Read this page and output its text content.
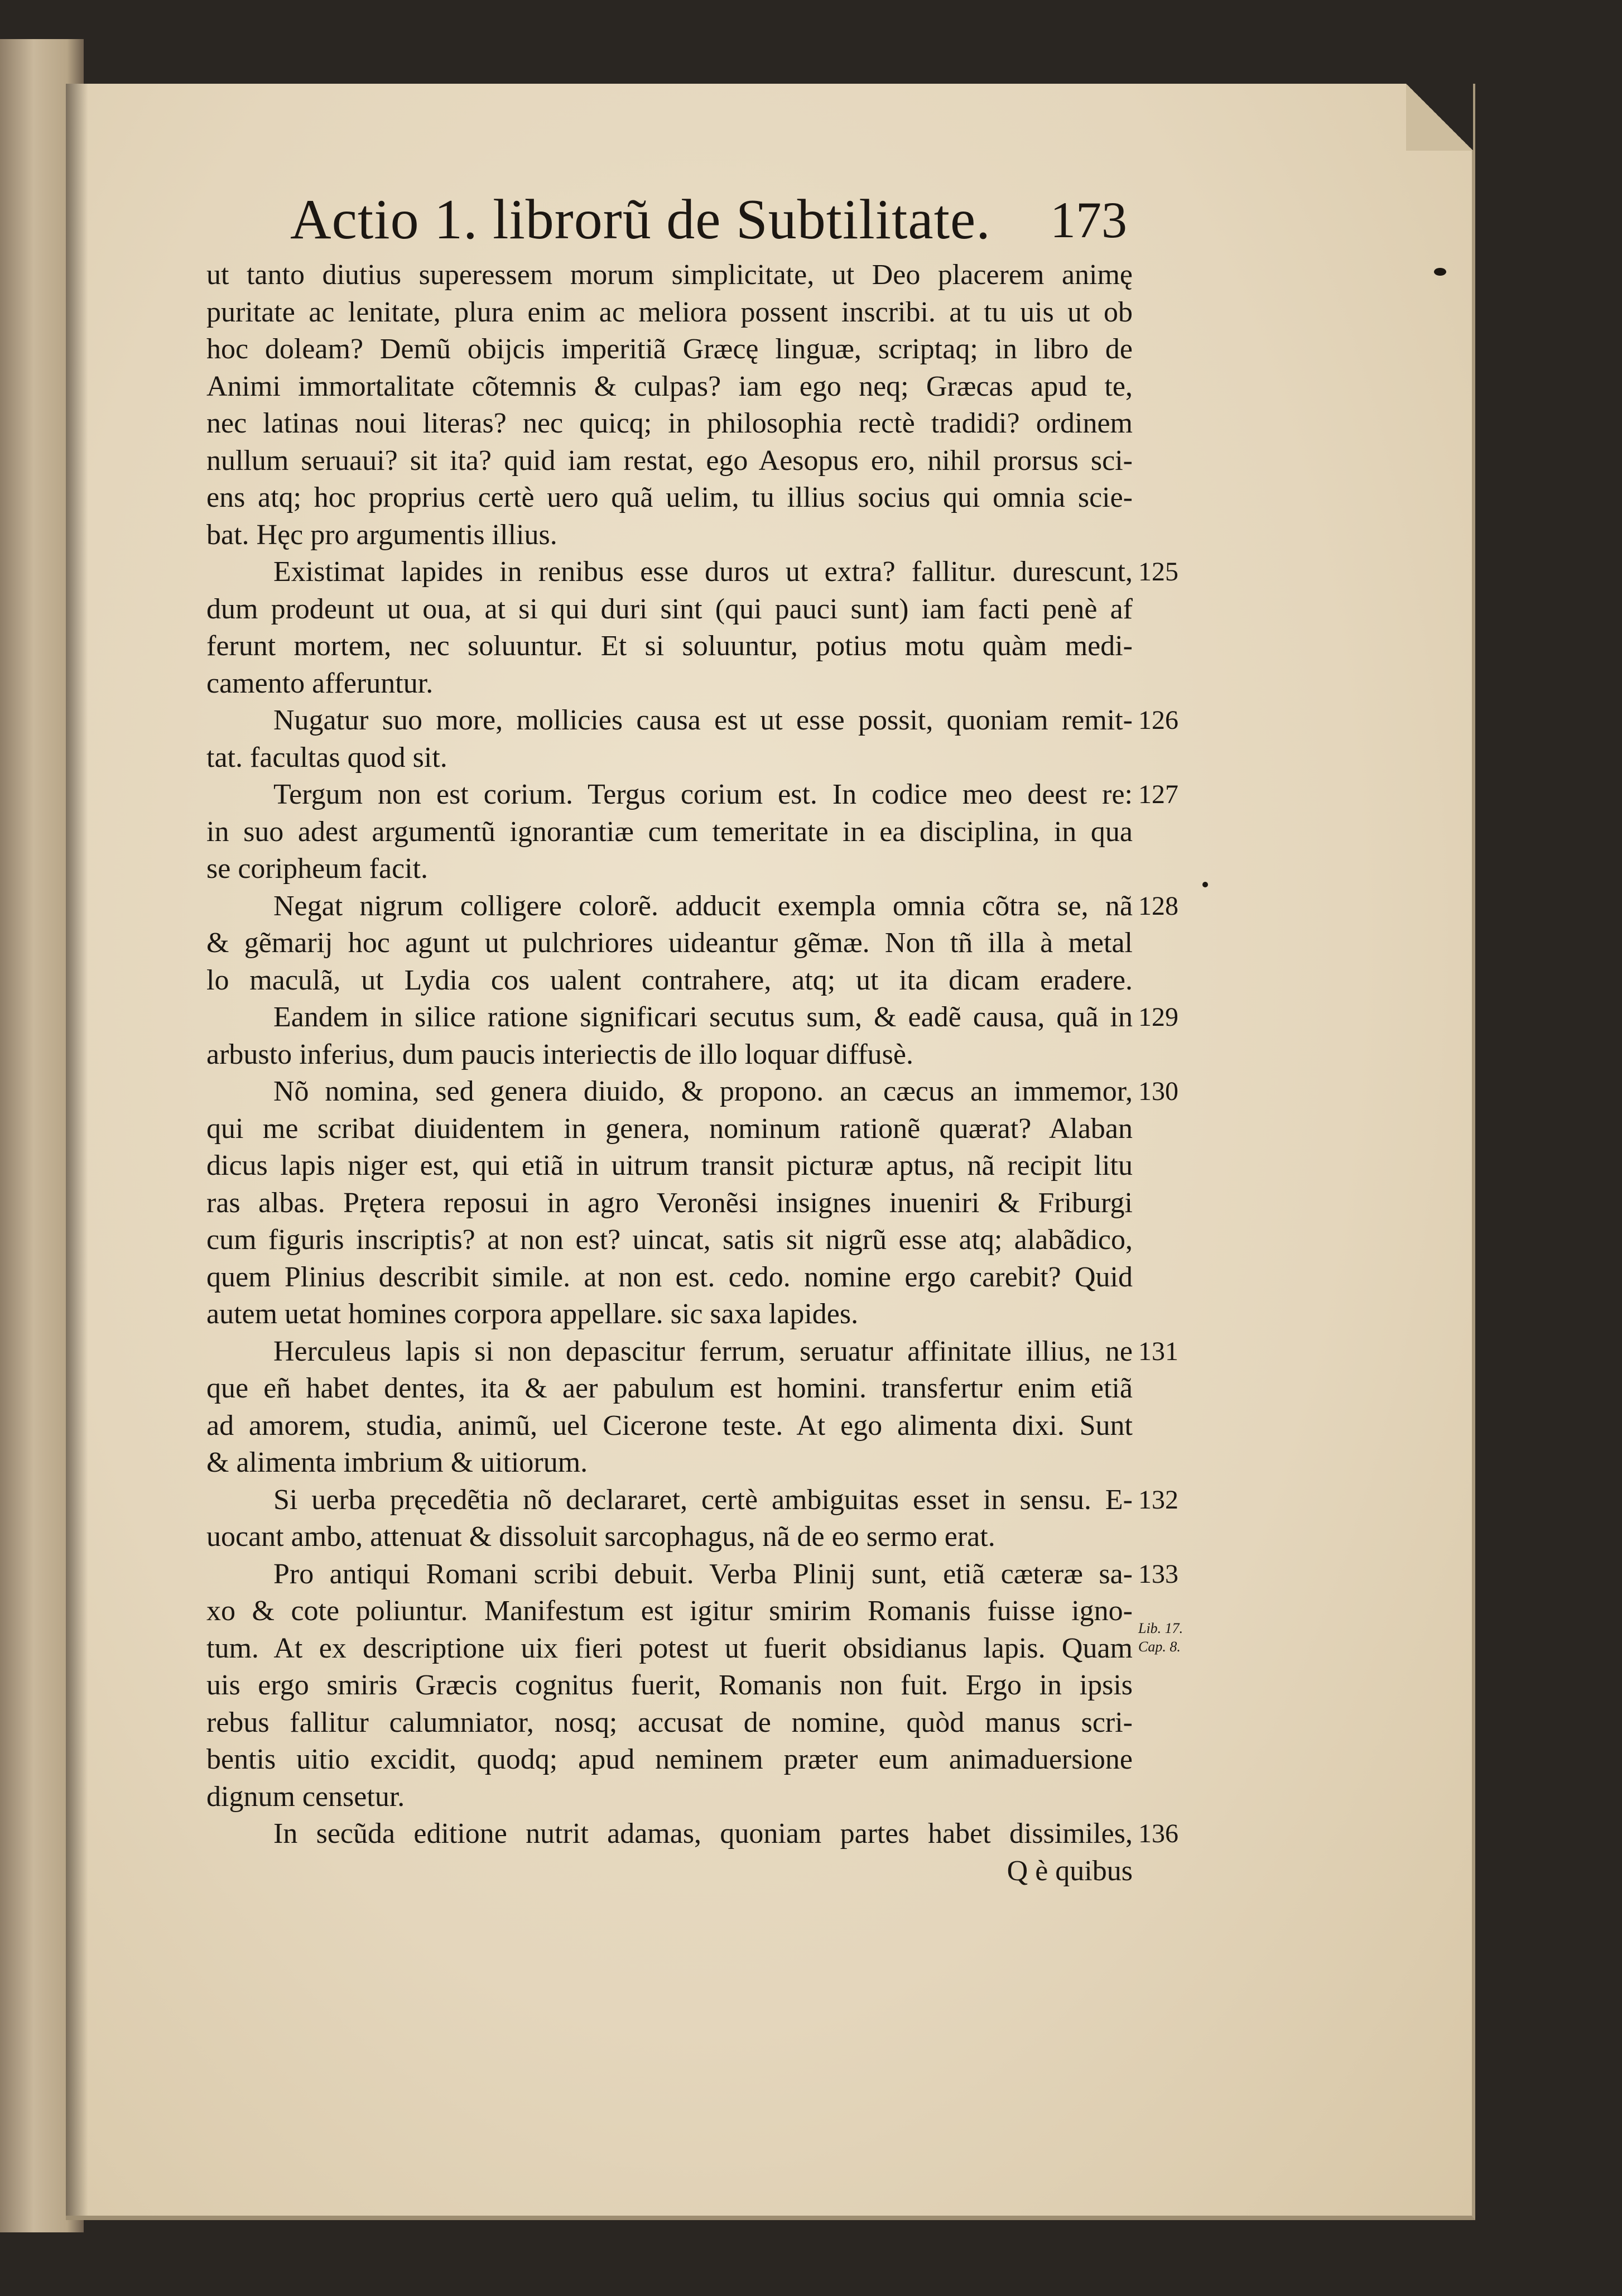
Actio 1. librorũ de Subtilitate. 173
ut tanto diutius superessem morum simplicitate, ut Deo placerem animę
puritate ac lenitate, plura enim ac meliora possent inscribi. at tu uis ut ob
hoc doleam? Demũ obijcis imperitiã Græcę linguæ, scriptaq; in libro de
Animi immortalitate cõtemnis & culpas? iam ego neq; Græcas apud te,
nec latinas noui literas? nec quicq; in philosophia rectè tradidi? ordinem
nullum seruaui? sit ita? quid iam restat, ego Aesopus ero, nihil prorsus sci-
ens atq; hoc proprius certè uero quã uelim, tu illius socius qui omnia scie-
bat. Hęc pro argumentis illius.
Existimat lapides in renibus esse duros ut extra? fallitur. durescunt,
dum prodeunt ut oua, at si qui duri sint (qui pauci sunt) iam facti penè af
ferunt mortem, nec soluuntur. Et si soluuntur, potius motu quàm medi-
camento afferuntur.
Nugatur suo more, mollicies causa est ut esse possit, quoniam remit-
tat. facultas quod sit.
Tergum non est corium. Tergus corium est. In codice meo deest re:
in suo adest argumentũ ignorantiæ cum temeritate in ea disciplina, in qua
se coripheum facit.
Negat nigrum colligere colorẽ. adducit exempla omnia cõtra se, nã
& gẽmarij hoc agunt ut pulchriores uideantur gẽmæ. Non tñ illa à metal
lo maculã, ut Lydia cos ualent contrahere, atq; ut ita dicam eradere.
Eandem in silice ratione significari secutus sum, & eadẽ causa, quã in
arbusto inferius, dum paucis interiectis de illo loquar diffusè.
Nõ nomina, sed genera diuido, & propono. an cæcus an immemor,
qui me scribat diuidentem in genera, nominum rationẽ quærat? Alaban
dicus lapis niger est, qui etiã in uitrum transit picturæ aptus, nã recipit litu
ras albas. Prętera reposui in agro Veronẽsi insignes inueniri & Friburgi
cum figuris inscriptis? at non est? uincat, satis sit nigrũ esse atq; alabãdico,
quem Plinius describit simile. at non est. cedo. nomine ergo carebit? Quid
autem uetat homines corpora appellare. sic saxa lapides.
Herculeus lapis si non depascitur ferrum, seruatur affinitate illius, ne
que eñ habet dentes, ita & aer pabulum est homini. transfertur enim etiã
ad amorem, studia, animũ, uel Cicerone teste. At ego alimenta dixi. Sunt
& alimenta imbrium & uitiorum.
Si uerba pręcedẽtia nõ declararet, certè ambiguitas esset in sensu. E-
uocant ambo, attenuat & dissoluit sarcophagus, nã de eo sermo erat.
Pro antiqui Romani scribi debuit. Verba Plinij sunt, etiã cæteræ sa-
xo & cote poliuntur. Manifestum est igitur smirim Romanis fuisse igno-
tum. At ex descriptione uix fieri potest ut fuerit obsidianus lapis. Quam
uis ergo smiris Græcis cognitus fuerit, Romanis non fuit. Ergo in ipsis
rebus fallitur calumniator, nosq; accusat de nomine, quòd manus scri-
bentis uitio excidit, quodq; apud neminem præter eum animaduersione
dignum censetur.
In secũda editione nutrit adamas, quoniam partes habet dissimiles,
Q è quibus
125
126
127
128
129
130
131
132
133
Lib. 17.
Cap. 8.
136
